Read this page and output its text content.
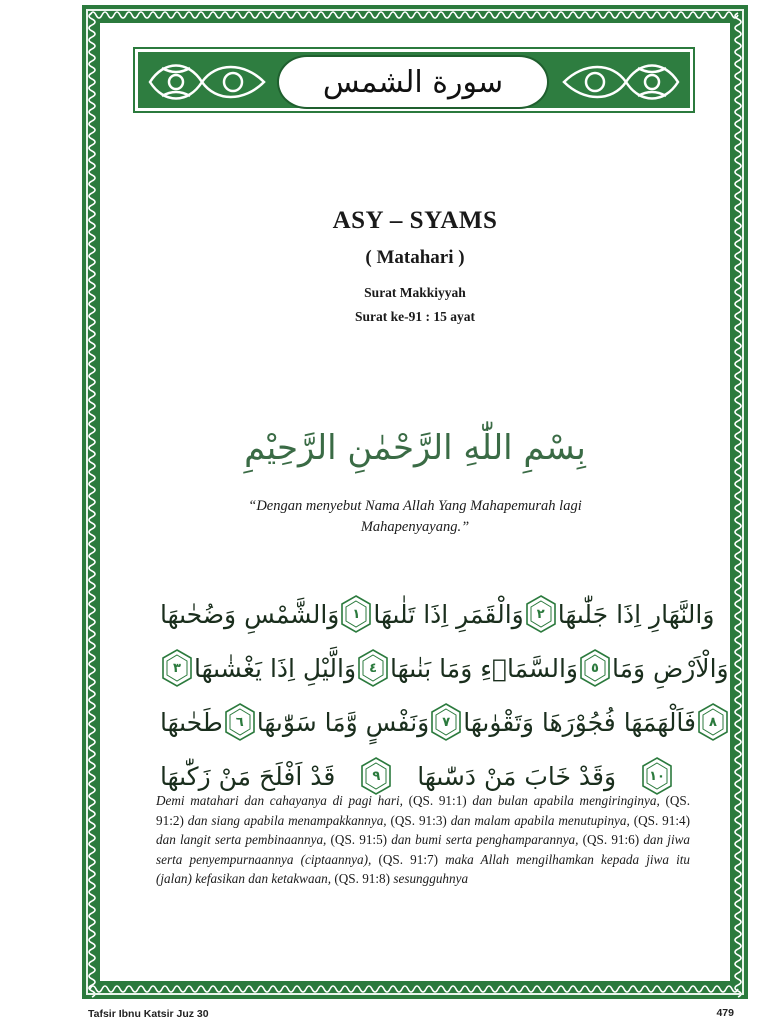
سورة الشمس
ASY – SYAMS
( Matahari )
Surat Makkiyyah
Surat ke-91 : 15 ayat
بِسْمِ اللّٰهِ الرَّحْمٰنِ الرَّحِيْمِ
“Dengan menyebut Nama Allah Yang Mahapemurah lagi Mahapenyayang.”
وَالشَّمْسِ وَضُحٰىهَا ١ وَالْقَمَرِ اِذَا تَلٰىهَا ٢ وَالنَّهَارِ اِذَا جَلّٰىهَا
٣ وَالَّيْلِ اِذَا يَغْشٰىهَا ٤ وَالسَّمَاۤءِ وَمَا بَنٰىهَا ٥ وَالْاَرْضِ وَمَا
طَحٰىهَا ٦ وَنَفْسٍ وَّمَا سَوّٰىهَا ٧ فَاَلْهَمَهَا فُجُوْرَهَا وَتَقْوٰىهَا ٨
قَدْ اَفْلَحَ مَنْ زَكّٰىهَا	٩ وَقَدْ خَابَ مَنْ دَسّٰىهَا	١٠
Demi matahari dan cahayanya di pagi hari, (QS. 91:1) dan bulan apabila mengiringinya, (QS. 91:2) dan siang apabila menampakkannya, (QS. 91:3) dan malam apabila menutupinya, (QS. 91:4) dan langit serta pembinaannya, (QS. 91:5) dan bumi serta penghamparannya, (QS. 91:6) dan jiwa serta penyempurnaannya (ciptaannya), (QS. 91:7) maka Allah mengilhamkan kepada jiwa itu (jalan) kefasikan dan ketakwaan, (QS. 91:8) sesungguhnya
Tafsir Ibnu Katsir Juz 30	479
